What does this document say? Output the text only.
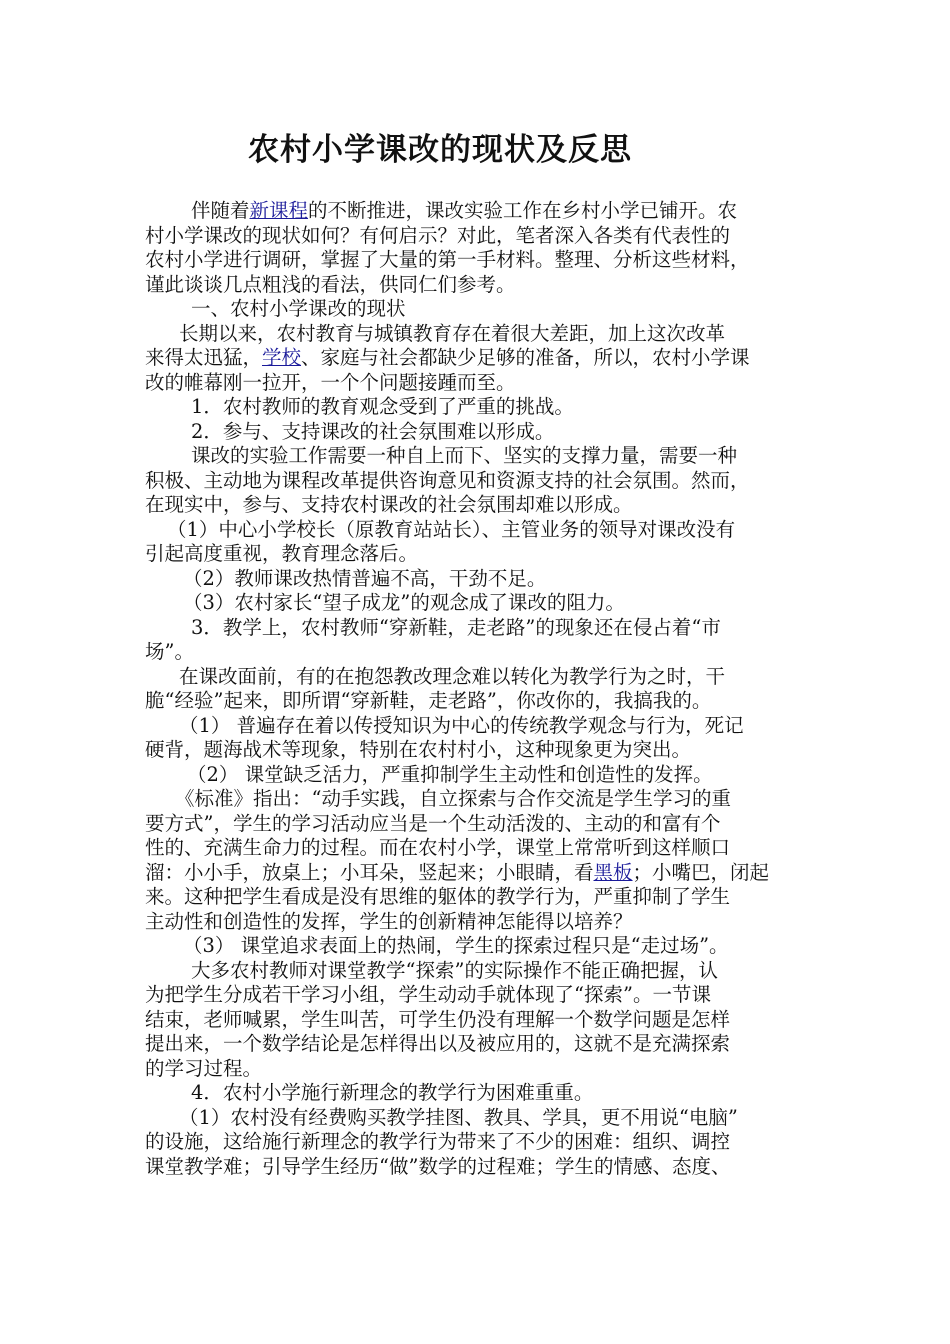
农村小学课改的现状及反思
伴随着新课程的不断推进，课改实验工作在乡村小学已铺开。农
村小学课改的现状如何？有何启示？对此，笔者深入各类有代表性的
农村小学进行调研，掌握了大量的第一手材料。整理、分析这些材料，
谨此谈谈几点粗浅的看法，供同仁们参考。
一、农村小学课改的现状
长期以来，农村教育与城镇教育存在着很大差距，加上这次改革
来得太迅猛，学校、家庭与社会都缺少足够的准备，所以，农村小学课
改的帷幕刚一拉开，一个个问题接踵而至。
1．农村教师的教育观念受到了严重的挑战。
2．参与、支持课改的社会氛围难以形成。
课改的实验工作需要一种自上而下、坚实的支撑力量，需要一种
积极、主动地为课程改革提供咨询意见和资源支持的社会氛围。然而，
在现实中，参与、支持农村课改的社会氛围却难以形成。
（1）中心小学校长（原教育站站长）、主管业务的领导对课改没有
引起高度重视，教育理念落后。
（2）教师课改热情普遍不高，干劲不足。
（3）农村家长“望子成龙”的观念成了课改的阻力。
3．教学上，农村教师“穿新鞋，走老路”的现象还在侵占着“市
场”。
在课改面前，有的在抱怨教改理念难以转化为教学行为之时，干
脆“经验”起来，即所谓“穿新鞋，走老路”，你改你的，我搞我的。
（1） 普遍存在着以传授知识为中心的传统教学观念与行为，死记
硬背，题海战术等现象，特别在农村村小，这种现象更为突出。
（2） 课堂缺乏活力，严重抑制学生主动性和创造性的发挥。
《标准》指出：“动手实践，自立探索与合作交流是学生学习的重
要方式”，学生的学习活动应当是一个生动活泼的、主动的和富有个
性的、充满生命力的过程。而在农村小学，课堂上常常听到这样顺口
溜：小小手，放桌上；小耳朵，竖起来；小眼睛，看黑板；小嘴巴，闭起
来。这种把学生看成是没有思维的躯体的教学行为，严重抑制了学生
主动性和创造性的发挥，学生的创新精神怎能得以培养？
（3） 课堂追求表面上的热闹，学生的探索过程只是“走过场”。
大多农村教师对课堂教学“探索”的实际操作不能正确把握，认
为把学生分成若干学习小组，学生动动手就体现了“探索”。一节课
结束，老师喊累，学生叫苦，可学生仍没有理解一个数学问题是怎样
提出来，一个数学结论是怎样得出以及被应用的，这就不是充满探索
的学习过程。
4．农村小学施行新理念的教学行为困难重重。
（1）农村没有经费购买教学挂图、教具、学具，更不用说“电脑”
的设施，这给施行新理念的教学行为带来了不少的困难：组织、调控
课堂教学难；引导学生经历“做”数学的过程难；学生的情感、态度、
